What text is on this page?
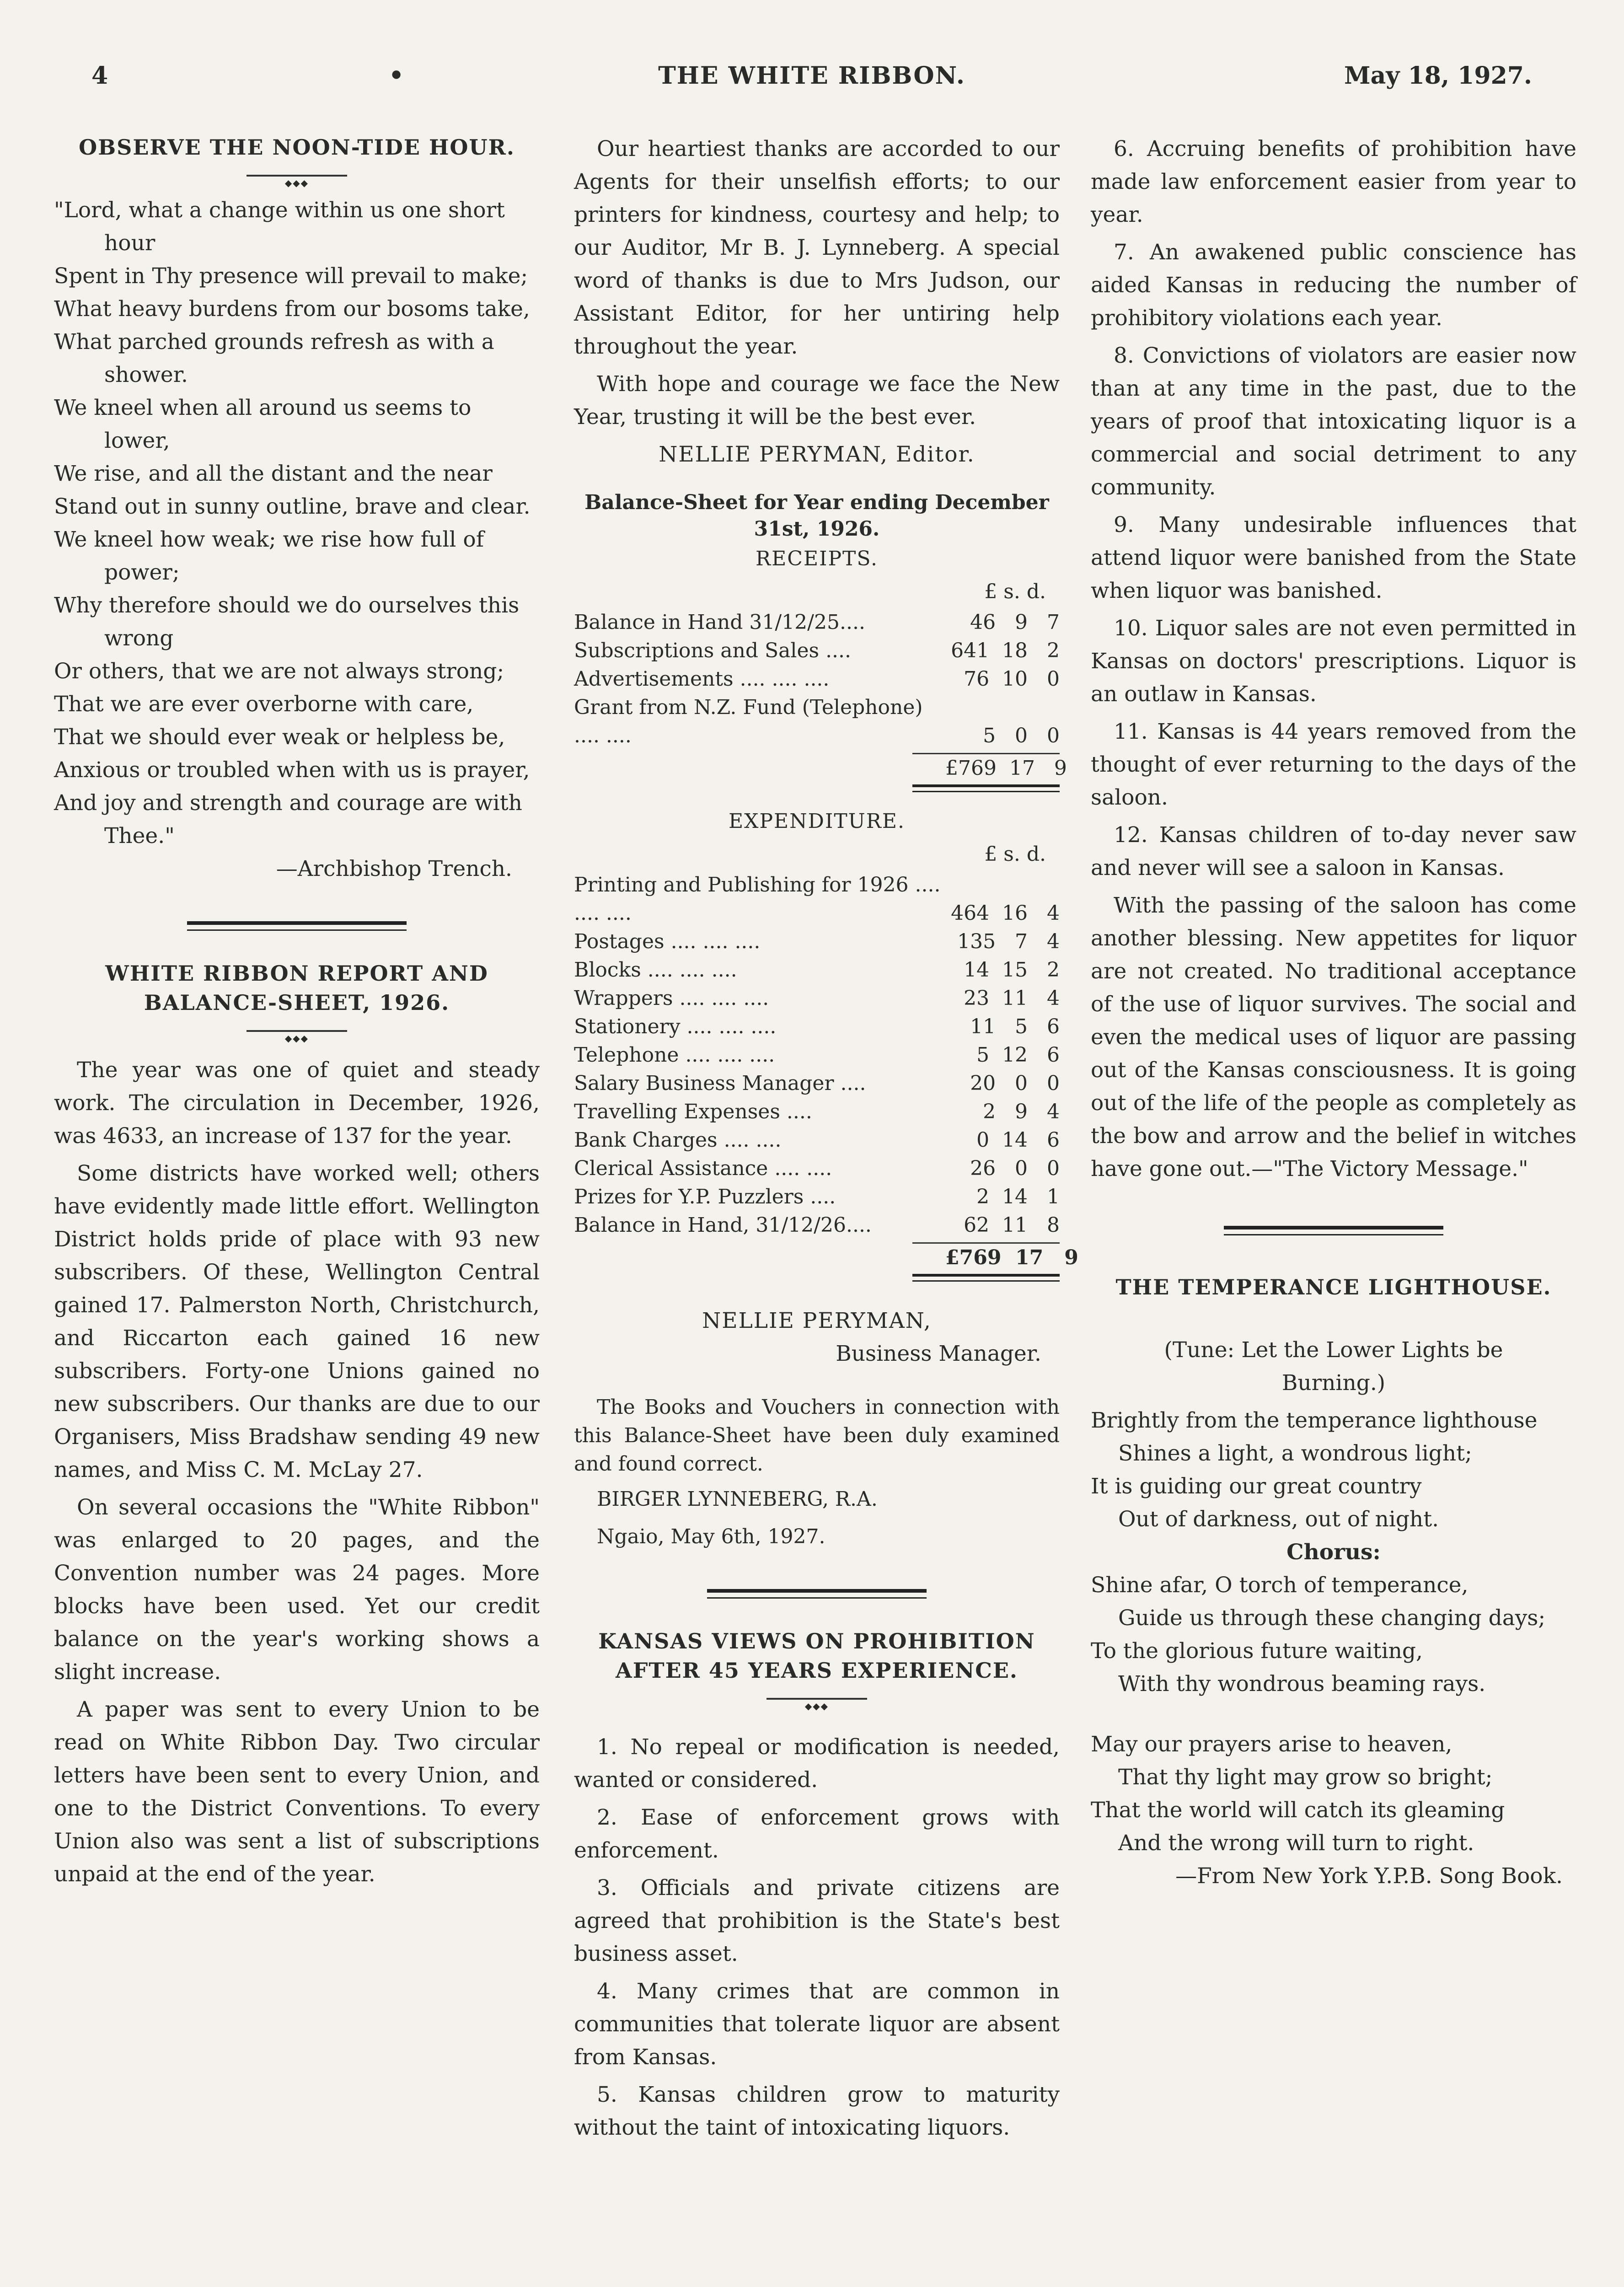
4	•	THE WHITE RIBBON.	May 18, 1927.
OBSERVE THE NOON-TIDE HOUR.
◆◆◆
"Lord, what a change within us one short hour
Spent in Thy presence will prevail to make;
What heavy burdens from our bosoms take,
What parched grounds refresh as with a shower.
We kneel when all around us seems to lower,
We rise, and all the distant and the near
Stand out in sunny outline, brave and clear.
We kneel how weak; we rise how full of power;
Why therefore should we do ourselves this wrong
Or others, that we are not always strong;
That we are ever overborne with care,
That we should ever weak or helpless be,
Anxious or troubled when with us is prayer,
And joy and strength and courage are with Thee."
—Archbishop Trench.
WHITE RIBBON REPORT AND BALANCE-SHEET, 1926.
◆◆◆

The year was one of quiet and steady work. The circulation in December, 1926, was 4633, an increase of 137 for the year.

Some districts have worked well; others have evidently made little effort. Wellington District holds pride of place with 93 new subscribers. Of these, Wellington Central gained 17. Palmerston North, Christchurch, and Riccarton each gained 16 new subscribers. Forty-one Unions gained no new subscribers. Our thanks are due to our Organisers, Miss Bradshaw sending 49 new names, and Miss C. M. McLay 27.

On several occasions the "White Ribbon" was enlarged to 20 pages, and the Convention number was 24 pages. More blocks have been used. Yet our credit balance on the year's working shows a slight increase.

A paper was sent to every Union to be read on White Ribbon Day. Two circular letters have been sent to every Union, and one to the District Conventions. To every Union also was sent a list of subscriptions unpaid at the end of the year.

Our heartiest thanks are accorded to our Agents for their unselfish efforts; to our printers for kindness, courtesy and help; to our Auditor, Mr B. J. Lynneberg. A special word of thanks is due to Mrs Judson, our Assistant Editor, for her untiring help throughout the year.

With hope and courage we face the New Year, trusting it will be the best ever.

NELLIE PERYMAN, Editor.
Balance-Sheet for Year ending December 31st, 1926.
RECEIPTS.
£ s. d.
Balance in Hand 31/12/25....	46   9   7
Subscriptions and Sales ....	641  18   2
Advertisements .... .... ....	76  10   0
Grant from N.Z. Fund (Telephone) .... ....	5   0   0
£769  17   9
EXPENDITURE.
£ s. d.
Printing and Publishing for 1926 .... .... ....	464  16   4
Postages .... .... ....	135   7   4
Blocks .... .... ....	14  15   2
Wrappers .... .... ....	23  11   4
Stationery .... .... ....	11   5   6
Telephone .... .... ....	5  12   6
Salary Business Manager ....	20   0   0
Travelling Expenses ....	2   9   4
Bank Charges .... ....	0  14   6
Clerical Assistance .... ....	26   0   0
Prizes for Y.P. Puzzlers ....	2  14   1
Balance in Hand, 31/12/26....	62  11   8
£769  17   9
NELLIE PERYMAN,
Business Manager.

The Books and Vouchers in connection with this Balance-Sheet have been duly examined and found correct.

BIRGER LYNNEBERG, R.A.
Ngaio, May 6th, 1927.
KANSAS VIEWS ON PROHIBITION AFTER 45 YEARS EXPERIENCE.
◆◆◆

1. No repeal or modification is needed, wanted or considered.

2. Ease of enforcement grows with enforcement.

3. Officials and private citizens are agreed that prohibition is the State's best business asset.

4. Many crimes that are common in communities that tolerate liquor are absent from Kansas.

5. Kansas children grow to maturity without the taint of intoxicating liquors.

6. Accruing benefits of prohibition have made law enforcement easier from year to year.

7. An awakened public conscience has aided Kansas in reducing the number of prohibitory violations each year.

8. Convictions of violators are easier now than at any time in the past, due to the years of proof that intoxicating liquor is a commercial and social detriment to any community.

9. Many undesirable influences that attend liquor were banished from the State when liquor was banished.

10. Liquor sales are not even permitted in Kansas on doctors' prescriptions. Liquor is an outlaw in Kansas.

11. Kansas is 44 years removed from the thought of ever returning to the days of the saloon.

12. Kansas children of to-day never saw and never will see a saloon in Kansas.

With the passing of the saloon has come another blessing. New appetites for liquor are not created. No traditional acceptance of the use of liquor survives. The social and even the medical uses of liquor are passing out of the Kansas consciousness. It is going out of the life of the people as completely as the bow and arrow and the belief in witches have gone out.—"The Victory Message."

THE TEMPERANCE LIGHTHOUSE.
(Tune: Let the Lower Lights be Burning.)
Brightly from the temperance lighthouse
Shines a light, a wondrous light;
It is guiding our great country
Out of darkness, out of night.
Chorus:
Shine afar, O torch of temperance,
Guide us through these changing days;
To the glorious future waiting,
With thy wondrous beaming rays.
May our prayers arise to heaven,
That thy light may grow so bright;
That the world will catch its gleaming
And the wrong will turn to right.
—From New York Y.P.B. Song Book.
